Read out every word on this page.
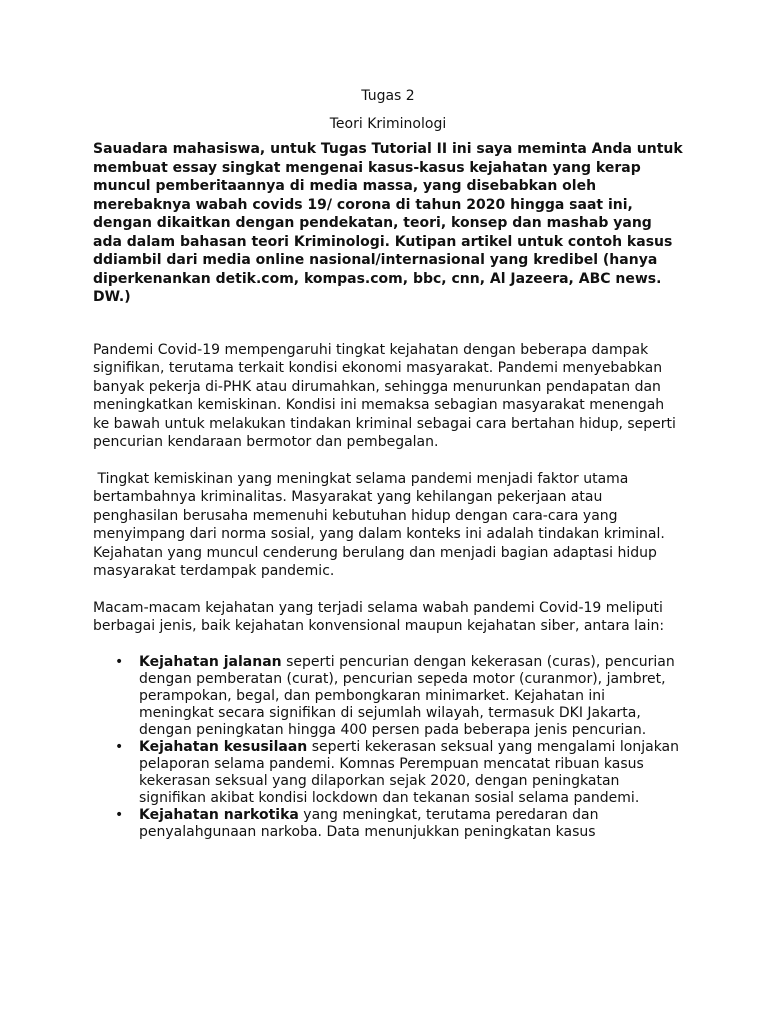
Tugas 2
Teori Kriminologi
Sauadara mahasiswa, untuk Tugas Tutorial II ini saya meminta Anda untuk membuat essay singkat mengenai kasus-kasus kejahatan yang kerap muncul pemberitaannya di media massa, yang disebabkan oleh merebaknya wabah covids 19/ corona di tahun 2020 hingga saat ini, dengan dikaitkan dengan pendekatan, teori, konsep dan mashab yang ada dalam bahasan teori Kriminologi. Kutipan artikel untuk contoh kasus ddiambil dari media online nasional/internasional yang kredibel (hanya diperkenankan detik.com, kompas.com, bbc, cnn, Al Jazeera, ABC news. DW.)
Pandemi Covid-19 mempengaruhi tingkat kejahatan dengan beberapa dampak signifikan, terutama terkait kondisi ekonomi masyarakat. Pandemi menyebabkan banyak pekerja di-PHK atau dirumahkan, sehingga menurunkan pendapatan dan meningkatkan kemiskinan. Kondisi ini memaksa sebagian masyarakat menengah ke bawah untuk melakukan tindakan kriminal sebagai cara bertahan hidup, seperti pencurian kendaraan bermotor dan pembegalan.
Tingkat kemiskinan yang meningkat selama pandemi menjadi faktor utama bertambahnya kriminalitas. Masyarakat yang kehilangan pekerjaan atau penghasilan berusaha memenuhi kebutuhan hidup dengan cara-cara yang menyimpang dari norma sosial, yang dalam konteks ini adalah tindakan kriminal. Kejahatan yang muncul cenderung berulang dan menjadi bagian adaptasi hidup masyarakat terdampak pandemic.
Macam-macam kejahatan yang terjadi selama wabah pandemi Covid-19 meliputi berbagai jenis, baik kejahatan konvensional maupun kejahatan siber, antara lain:
• Kejahatan jalanan seperti pencurian dengan kekerasan (curas), pencurian dengan pemberatan (curat), pencurian sepeda motor (curanmor), jambret, perampokan, begal, dan pembongkaran minimarket. Kejahatan ini meningkat secara signifikan di sejumlah wilayah, termasuk DKI Jakarta, dengan peningkatan hingga 400 persen pada beberapa jenis pencurian.
• Kejahatan kesusilaan seperti kekerasan seksual yang mengalami lonjakan pelaporan selama pandemi. Komnas Perempuan mencatat ribuan kasus kekerasan seksual yang dilaporkan sejak 2020, dengan peningkatan signifikan akibat kondisi lockdown dan tekanan sosial selama pandemi.
• Kejahatan narkotika yang meningkat, terutama peredaran dan penyalahgunaan narkoba. Data menunjukkan peningkatan kasus
